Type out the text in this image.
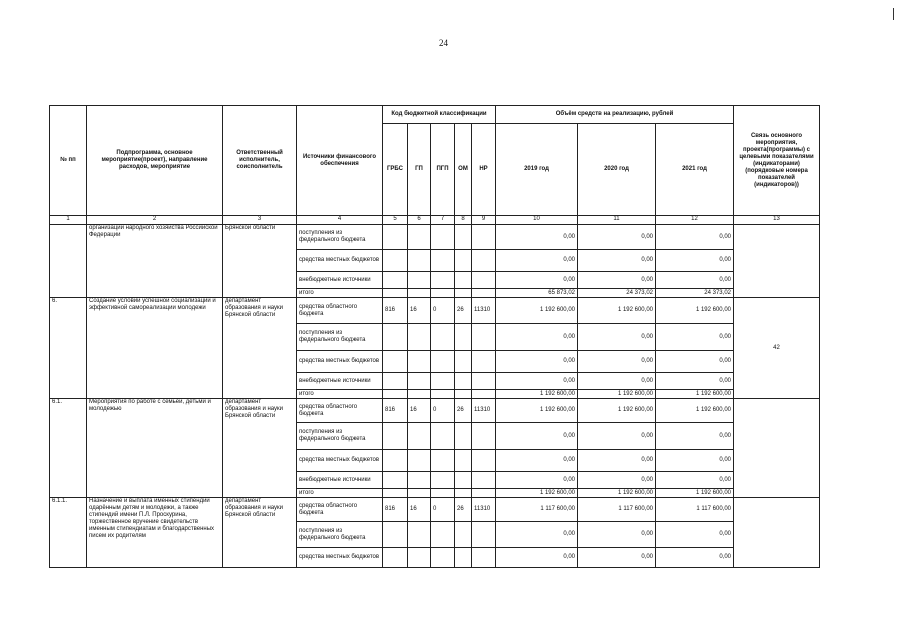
24
№ пп	Подпрограмма, основное мероприятие(проект), направление расходов, мероприятие	Ответственный исполнитель, соисполнитель	Источники финансового обеспечения	Код бюджетной классификации					Объём средств на реализацию, рублей			Связь основного мероприятия, проекта(программы) с целевыми показателями (индикаторами) (порядковые номера показателей (индикаторов))
				ГРБС	ГП	ПГП	ОМ	НР	2019 год	2020 год	2021 год	
1	2	3	4	5	6	7	8	9	10	11	12	13
	организаций народного хозяйства Российской Федерации	Брянской области	поступления из федерального бюджета						0,00	0,00	0,00	
			средства местных бюджетов						0,00	0,00	0,00	
			внебюджетные источники						0,00	0,00	0,00	
			итого						65 873,02	24 373,02	24 373,02	
6.	Создание условий успешной социализации и эффективной самореализации молодежи	департамент образования и науки Брянской области	средства областного бюджета	816	16	0	26	11310	1 192 600,00	1 192 600,00	1 192 600,00	42
			поступления из федерального бюджета						0,00	0,00	0,00	
			средства местных бюджетов						0,00	0,00	0,00	
			внебюджетные источники						0,00	0,00	0,00	
			итого						1 192 600,00	1 192 600,00	1 192 600,00	
6.1.	Мероприятия по работе с семьей, детьми и молодежью	департамент образования и науки Брянской области	средства областного бюджета	816	16	0	26	11310	1 192 600,00	1 192 600,00	1 192 600,00	
			поступления из федерального бюджета						0,00	0,00	0,00	
			средства местных бюджетов						0,00	0,00	0,00	
			внебюджетные источники						0,00	0,00	0,00	
			итого						1 192 600,00	1 192 600,00	1 192 600,00	
6.1.1.	Назначение и выплата именных стипендий одарённым детям и молодежи, а также стипендий имени П.Л. Проскурина, торжественное вручение свидетельств именным стипендиатам и благодарственных писем их родителям	департамент образования и науки Брянской области	средства областного бюджета	816	16	0	26	11310	1 117 600,00	1 117 600,00	1 117 600,00	
			поступления из федерального бюджета						0,00	0,00	0,00	
			средства местных бюджетов						0,00	0,00	0,00	
